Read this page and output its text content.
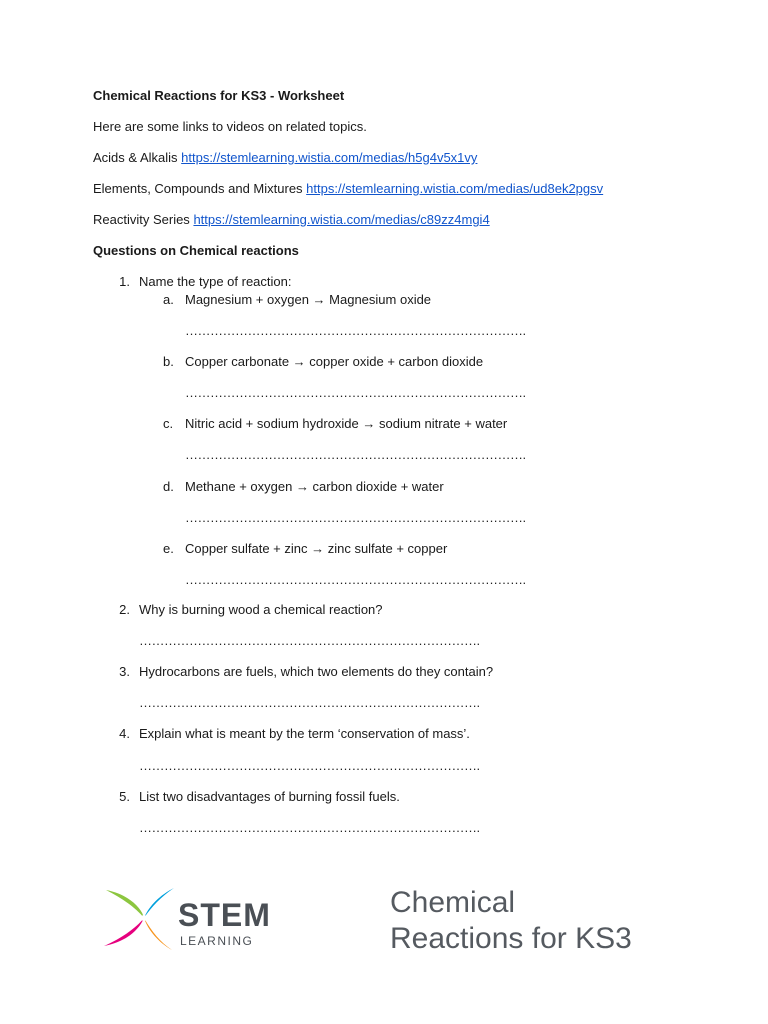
Chemical Reactions for KS3 - Worksheet
Here are some links to videos on related topics.
Acids & Alkalis https://stemlearning.wistia.com/medias/h5g4v5x1vy
Elements, Compounds and Mixtures https://stemlearning.wistia.com/medias/ud8ek2pgsv
Reactivity Series https://stemlearning.wistia.com/medias/c89zz4mgi4
Questions on Chemical reactions
1. Name the type of reaction:
a. Magnesium + oxygen → Magnesium oxide
……………………………………………………………………….
b. Copper carbonate → copper oxide + carbon dioxide
……………………………………………………………………….
c. Nitric acid + sodium hydroxide → sodium nitrate + water
……………………………………………………………………….
d. Methane + oxygen → carbon dioxide + water
……………………………………………………………………….
e. Copper sulfate + zinc → zinc sulfate + copper
……………………………………………………………………….
2. Why is burning wood a chemical reaction?
……………………………………………………………………….
3. Hydrocarbons are fuels, which two elements do they contain?
……………………………………………………………………….
4. Explain what is meant by the term ‘conservation of mass’.
……………………………………………………………………….
5. List two disadvantages of burning fossil fuels.
……………………………………………………………………….
STEM
LEARNING
Chemical
Reactions for KS3
